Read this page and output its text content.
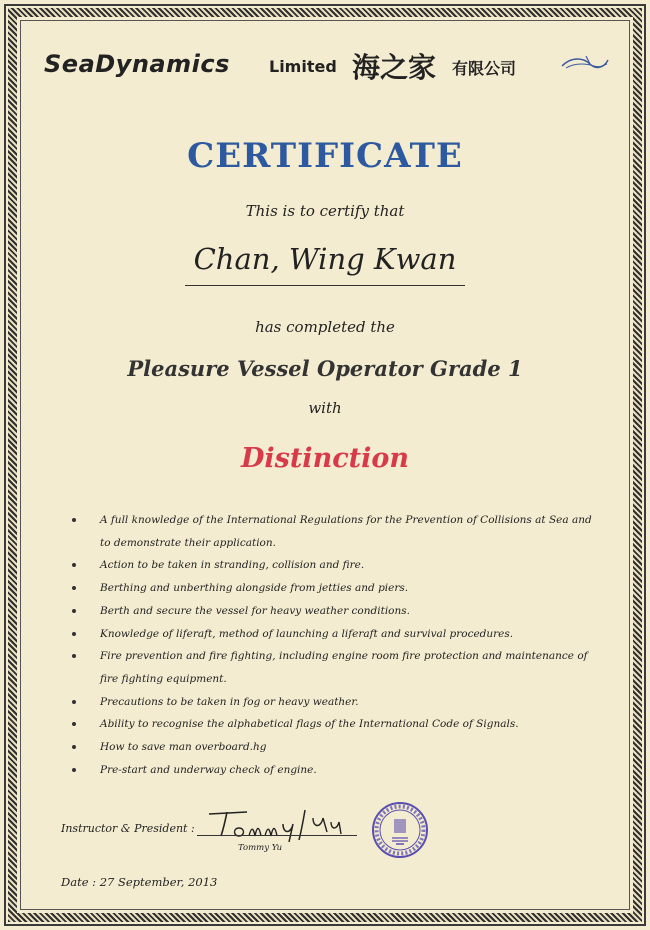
SeaDynamics Limited 海之家 有限公司
CERTIFICATE
This is to certify that
Chan, Wing Kwan
has completed the
Pleasure Vessel Operator Grade 1
with
Distinction
A full knowledge of the International Regulations for the Prevention of Collisions at Sea and to demonstrate their application.
Action to be taken in stranding, collision and fire.
Berthing and unberthing alongside from jetties and piers.
Berth and secure the vessel for heavy weather conditions.
Knowledge of liferaft, method of launching a liferaft and survival procedures.
Fire prevention and fire fighting, including engine room fire protection and maintenance of fire fighting equipment.
Precautions to be taken in fog or heavy weather.
Ability to recognise the alphabetical flags of the International Code of Signals.
How to save man overboard.hg
Pre-start and underway check of engine.
Instructor & President :
Tommy Yu
Date : 27 September, 2013
